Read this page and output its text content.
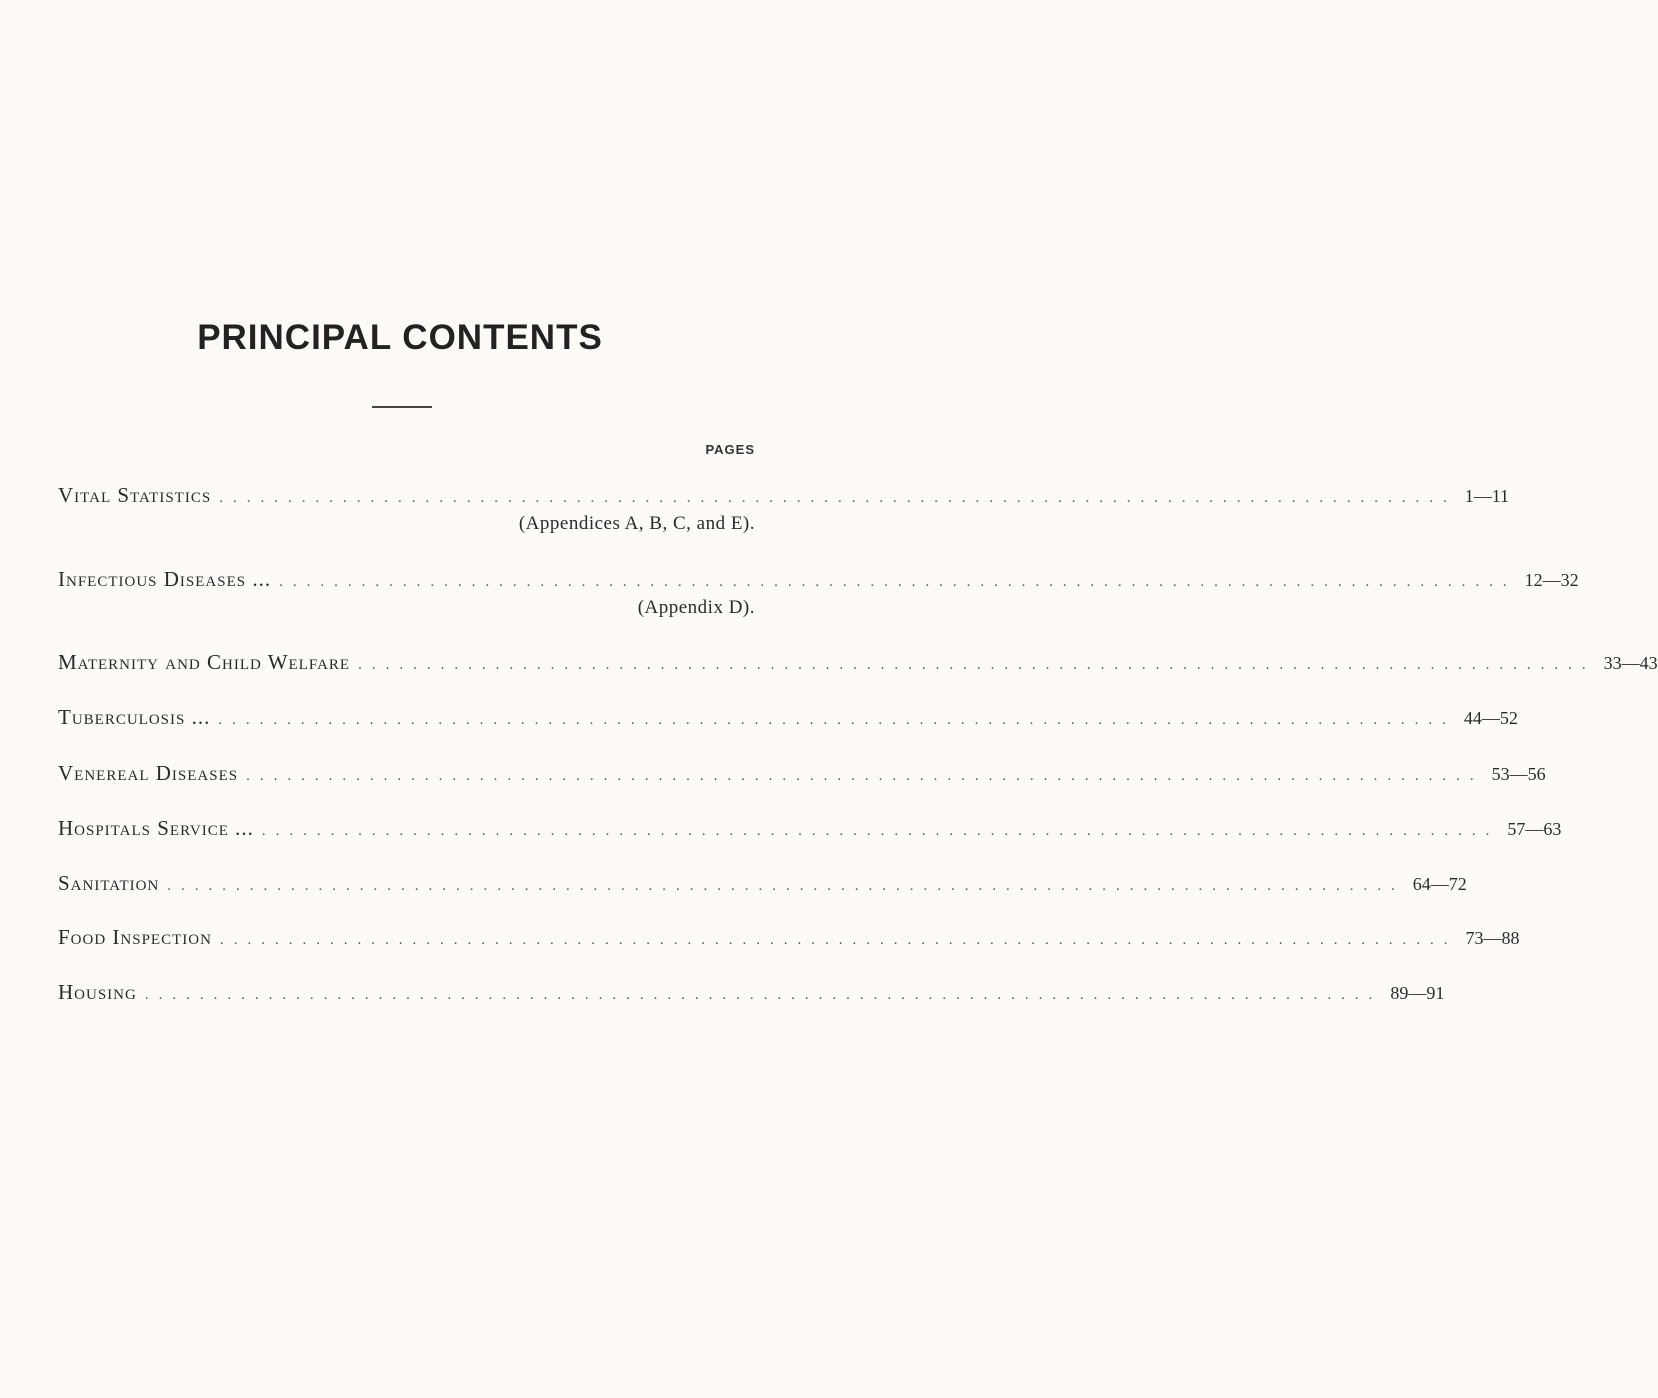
PRINCIPAL CONTENTS
PAGES
Vital Statistics .......................................................................................... 1—11
(Appendices A, B, C, and E).
Infectious Diseases ... .......................................................................................... 12—32
(Appendix D).
Maternity and Child Welfare .......................................................................................... 33—43
Tuberculosis ... .......................................................................................... 44—52
Venereal Diseases .......................................................................................... 53—56
Hospitals Service ... .......................................................................................... 57—63
Sanitation .......................................................................................... 64—72
Food Inspection .......................................................................................... 73—88
Housing .......................................................................................... 89—91
